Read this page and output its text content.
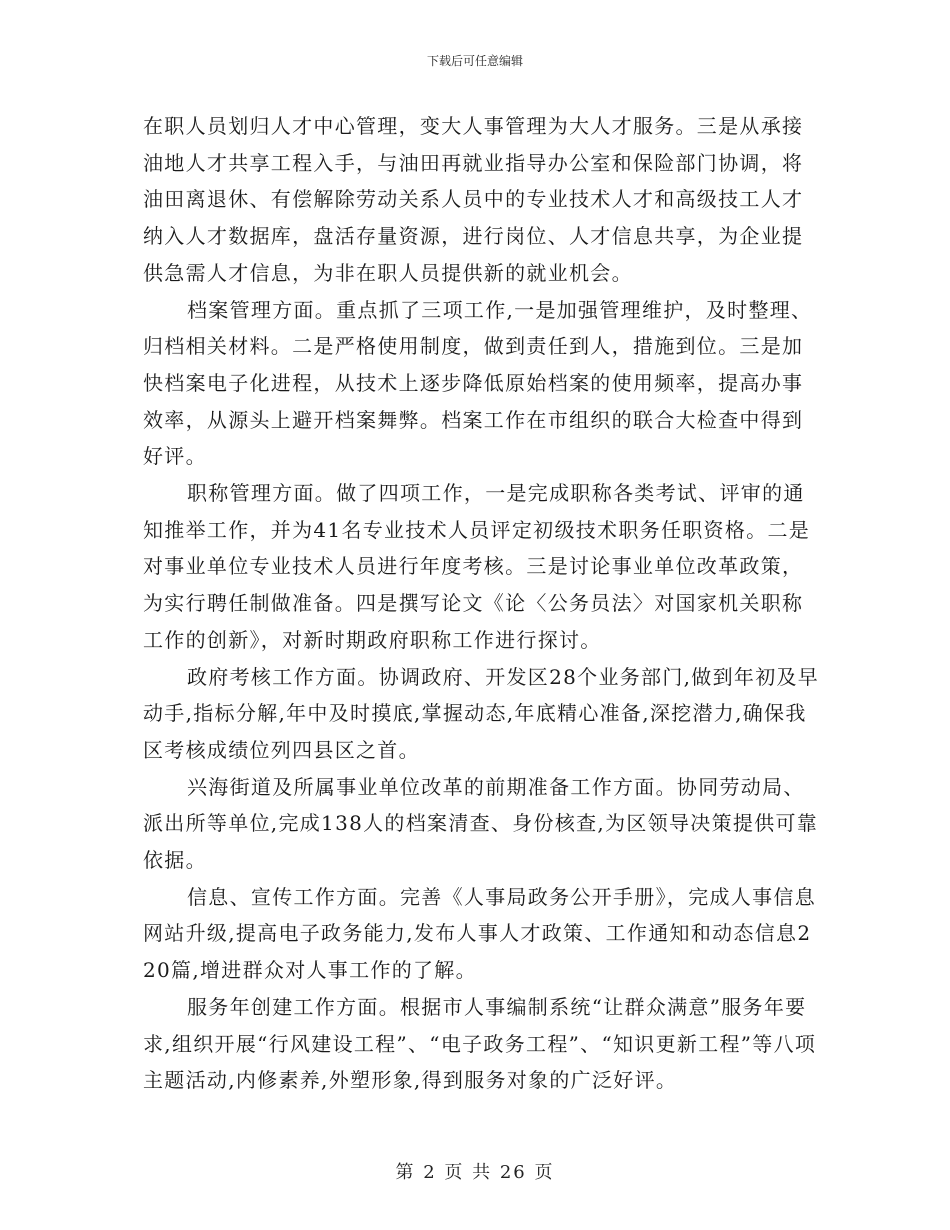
下载后可任意编辑

在职人员划归人才中心管理，变大人事管理为大人才服务。三是从承接油地人才共享工程入手，与油田再就业指导办公室和保险部门协调，将油田离退休、有偿解除劳动关系人员中的专业技术人才和高级技工人才纳入人才数据库，盘活存量资源，进行岗位、人才信息共享，为企业提供急需人才信息，为非在职人员提供新的就业机会。

档案管理方面。重点抓了三项工作,一是加强管理维护，及时整理、归档相关材料。二是严格使用制度，做到责任到人，措施到位。三是加快档案电子化进程，从技术上逐步降低原始档案的使用频率，提高办事效率，从源头上避开档案舞弊。档案工作在市组织的联合大检查中得到好评。

职称管理方面。做了四项工作，一是完成职称各类考试、评审的通知推举工作，并为41名专业技术人员评定初级技术职务任职资格。二是对事业单位专业技术人员进行年度考核。三是讨论事业单位改革政策，为实行聘任制做准备。四是撰写论文《论〈公务员法〉对国家机关职称工作的创新》，对新时期政府职称工作进行探讨。

政府考核工作方面。协调政府、开发区28个业务部门,做到年初及早动手,指标分解,年中及时摸底,掌握动态,年底精心准备,深挖潜力,确保我区考核成绩位列四县区之首。

兴海街道及所属事业单位改革的前期准备工作方面。协同劳动局、派出所等单位,完成138人的档案清查、身份核查,为区领导决策提供可靠依据。

信息、宣传工作方面。完善《人事局政务公开手册》，完成人事信息网站升级,提高电子政务能力,发布人事人才政策、工作通知和动态信息220篇,增进群众对人事工作的了解。

服务年创建工作方面。根据市人事编制系统“让群众满意”服务年要求,组织开展“行风建设工程”、“电子政务工程”、“知识更新工程”等八项主题活动,内修素养,外塑形象,得到服务对象的广泛好评。

第 2 页 共 26 页
